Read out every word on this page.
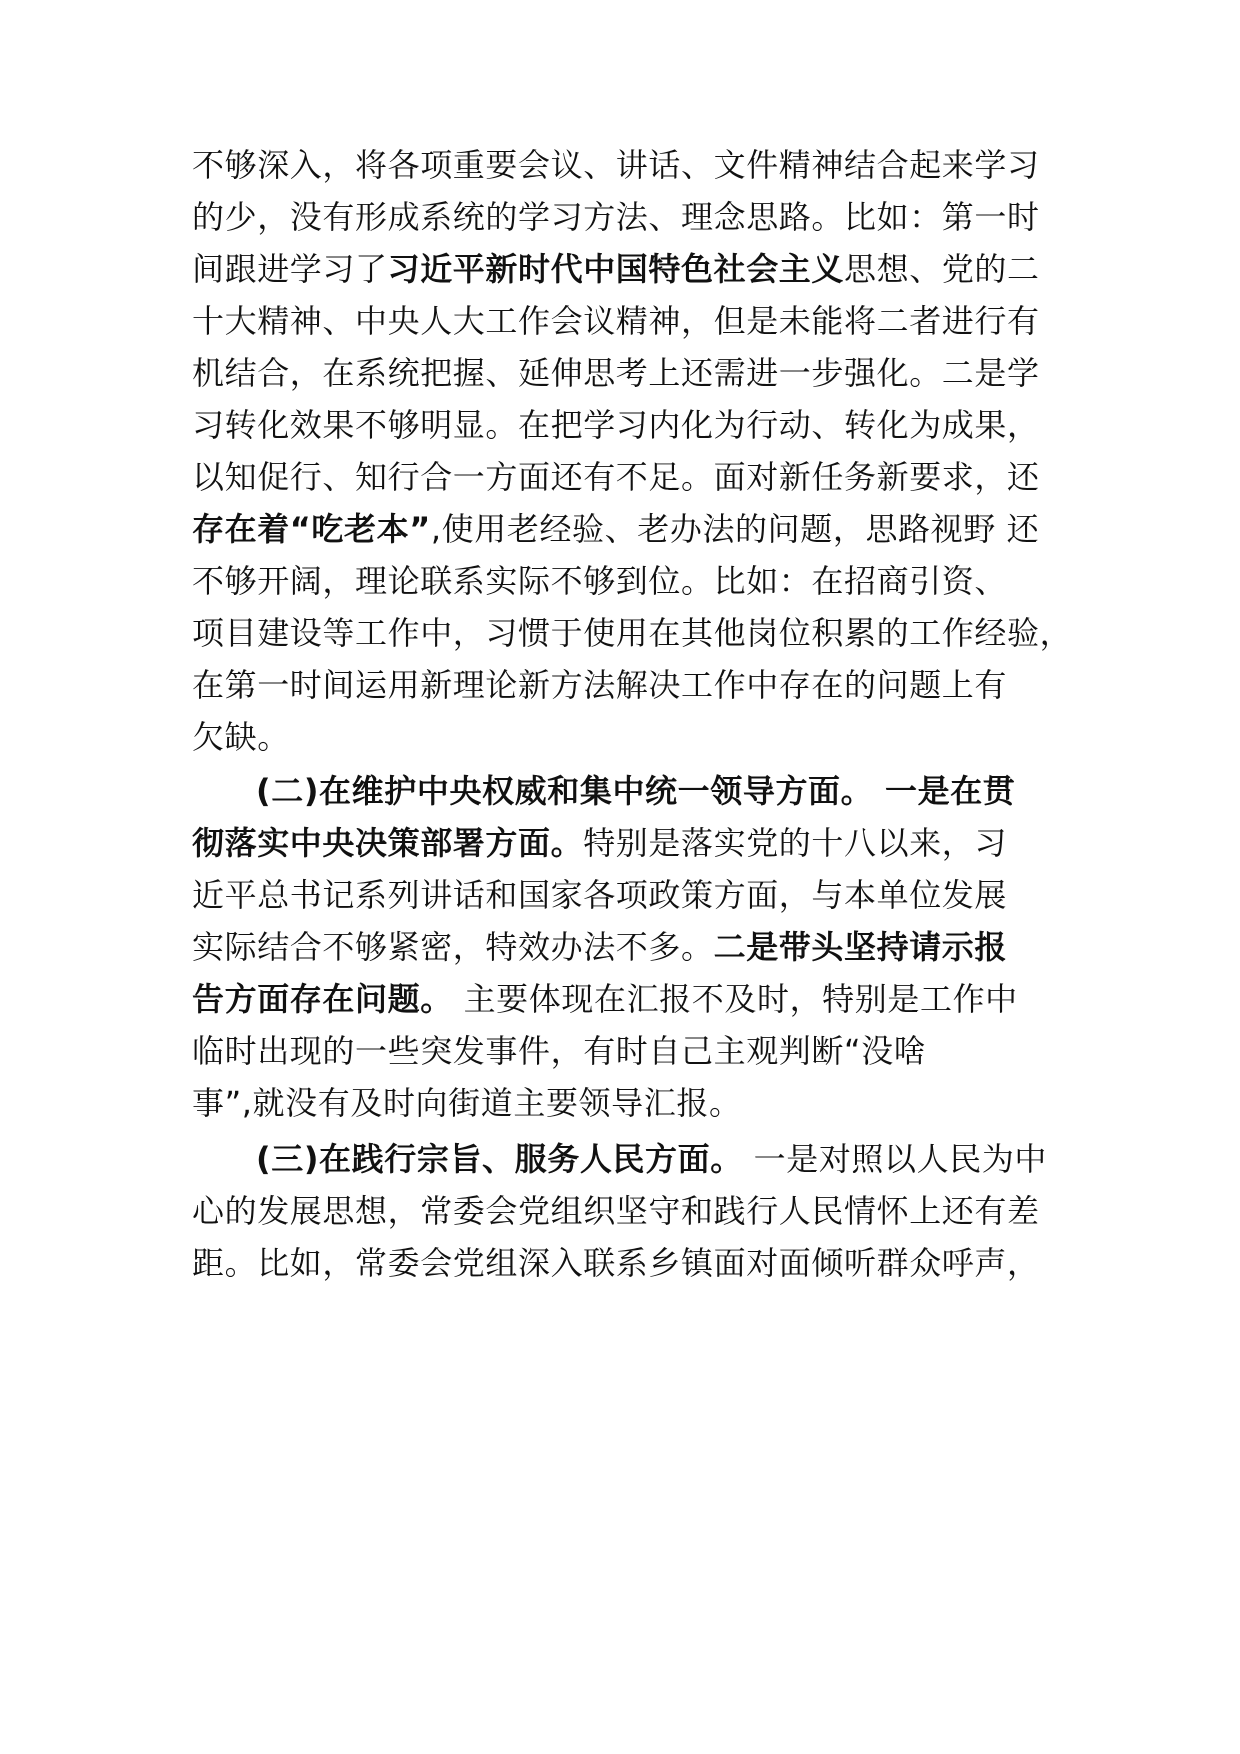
不够深入，将各项重要会议、讲话、文件精神结合起来学习
的少，没有形成系统的学习方法、理念思路。比如：第一时
间跟进学习了习近平新时代中国特色社会主义思想、党的二
十大精神、中央人大工作会议精神，但是未能将二者进行有
机结合，在系统把握、延伸思考上还需进一步强化。二是学
习转化效果不够明显。在把学习内化为行动、转化为成果，
以知促行、知行合一方面还有不足。面对新任务新要求，还
存在着“吃老本”,使用老经验、老办法的问题，思路视野 还
不够开阔，理论联系实际不够到位。比如：在招商引资、
项目建设等工作中，习惯于使用在其他岗位积累的工作经验，
在第一时间运用新理论新方法解决工作中存在的问题上有
欠缺。
(二)在维护中央权威和集中统一领导方面。 一是在贯
彻落实中央决策部署方面。特别是落实党的十八以来，习
近平总书记系列讲话和国家各项政策方面，与本单位发展
实际结合不够紧密，特效办法不多。二是带头坚持请示报
告方面存在问题。 主要体现在汇报不及时，特别是工作中
临时出现的一些突发事件，有时自己主观判断“没啥
事”,就没有及时向街道主要领导汇报。
(三)在践行宗旨、服务人民方面。 一是对照以人民为中
心的发展思想，常委会党组织坚守和践行人民情怀上还有差
距。比如，常委会党组深入联系乡镇面对面倾听群众呼声，
